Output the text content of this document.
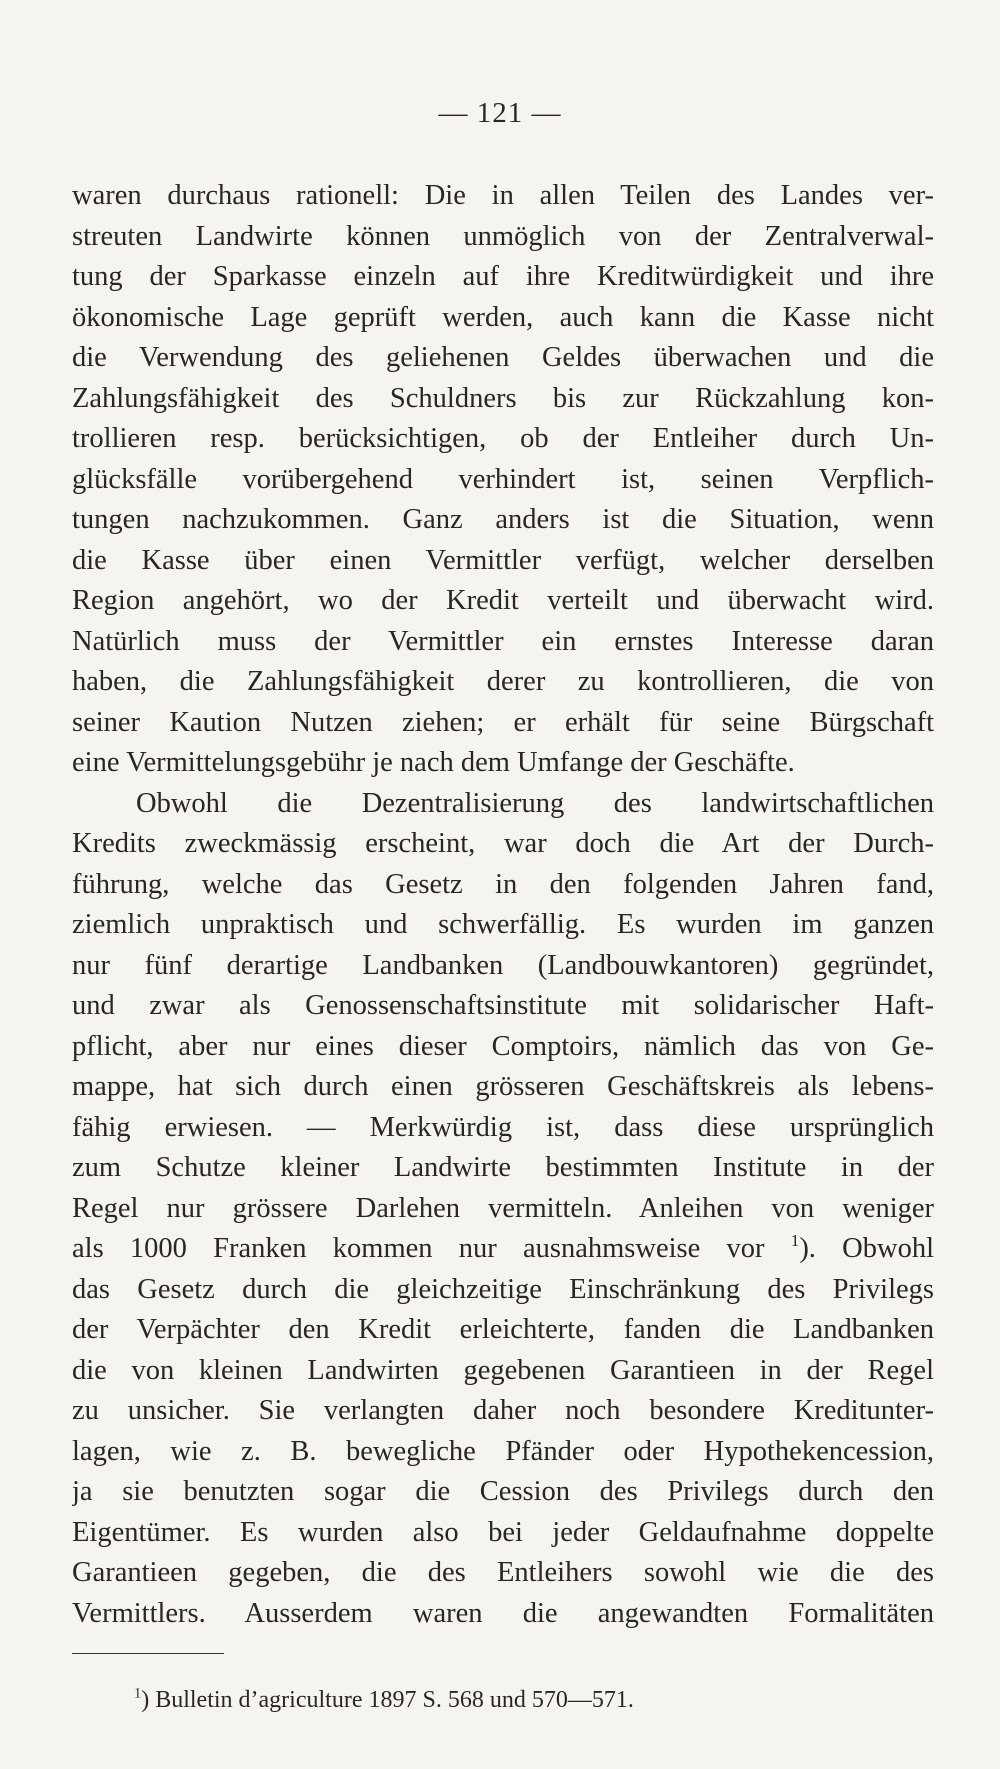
— 121 —
waren durchaus rationell: Die in allen Teilen des Landes ver-
streuten Landwirte können unmöglich von der Zentralverwal-
tung der Sparkasse einzeln auf ihre Kreditwürdigkeit und ihre
ökonomische Lage geprüft werden, auch kann die Kasse nicht
die Verwendung des geliehenen Geldes überwachen und die
Zahlungsfähigkeit des Schuldners bis zur Rückzahlung kon-
trollieren resp. berücksichtigen, ob der Entleiher durch Un-
glücksfälle vorübergehend verhindert ist, seinen Verpflich-
tungen nachzukommen. Ganz anders ist die Situation, wenn
die Kasse über einen Vermittler verfügt, welcher derselben
Region angehört, wo der Kredit verteilt und überwacht wird.
Natürlich muss der Vermittler ein ernstes Interesse daran
haben, die Zahlungsfähigkeit derer zu kontrollieren, die von
seiner Kaution Nutzen ziehen; er erhält für seine Bürgschaft
eine Vermittelungsgebühr je nach dem Umfange der Geschäfte.
Obwohl die Dezentralisierung des landwirtschaftlichen
Kredits zweckmässig erscheint, war doch die Art der Durch-
führung, welche das Gesetz in den folgenden Jahren fand,
ziemlich unpraktisch und schwerfällig. Es wurden im ganzen
nur fünf derartige Landbanken (Landbouwkantoren) gegründet,
und zwar als Genossenschaftsinstitute mit solidarischer Haft-
pflicht, aber nur eines dieser Comptoirs, nämlich das von Ge-
mappe, hat sich durch einen grösseren Geschäftskreis als lebens-
fähig erwiesen. — Merkwürdig ist, dass diese ursprünglich
zum Schutze kleiner Landwirte bestimmten Institute in der
Regel nur grössere Darlehen vermitteln. Anleihen von weniger
als 1000 Franken kommen nur ausnahmsweise vor $^1$). Obwohl
das Gesetz durch die gleichzeitige Einschränkung des Privilegs
der Verpächter den Kredit erleichterte, fanden die Landbanken
die von kleinen Landwirten gegebenen Garantieen in der Regel
zu unsicher. Sie verlangten daher noch besondere Kreditunter-
lagen, wie z. B. bewegliche Pfänder oder Hypothekencession,
ja sie benutzten sogar die Cession des Privilegs durch den
Eigentümer. Es wurden also bei jeder Geldaufnahme doppelte
Garantieen gegeben, die des Entleihers sowohl wie die des
Vermittlers. Ausserdem waren die angewandten Formalitäten
$^1$) Bulletin d’agriculture 1897 S. 568 und 570—571.
